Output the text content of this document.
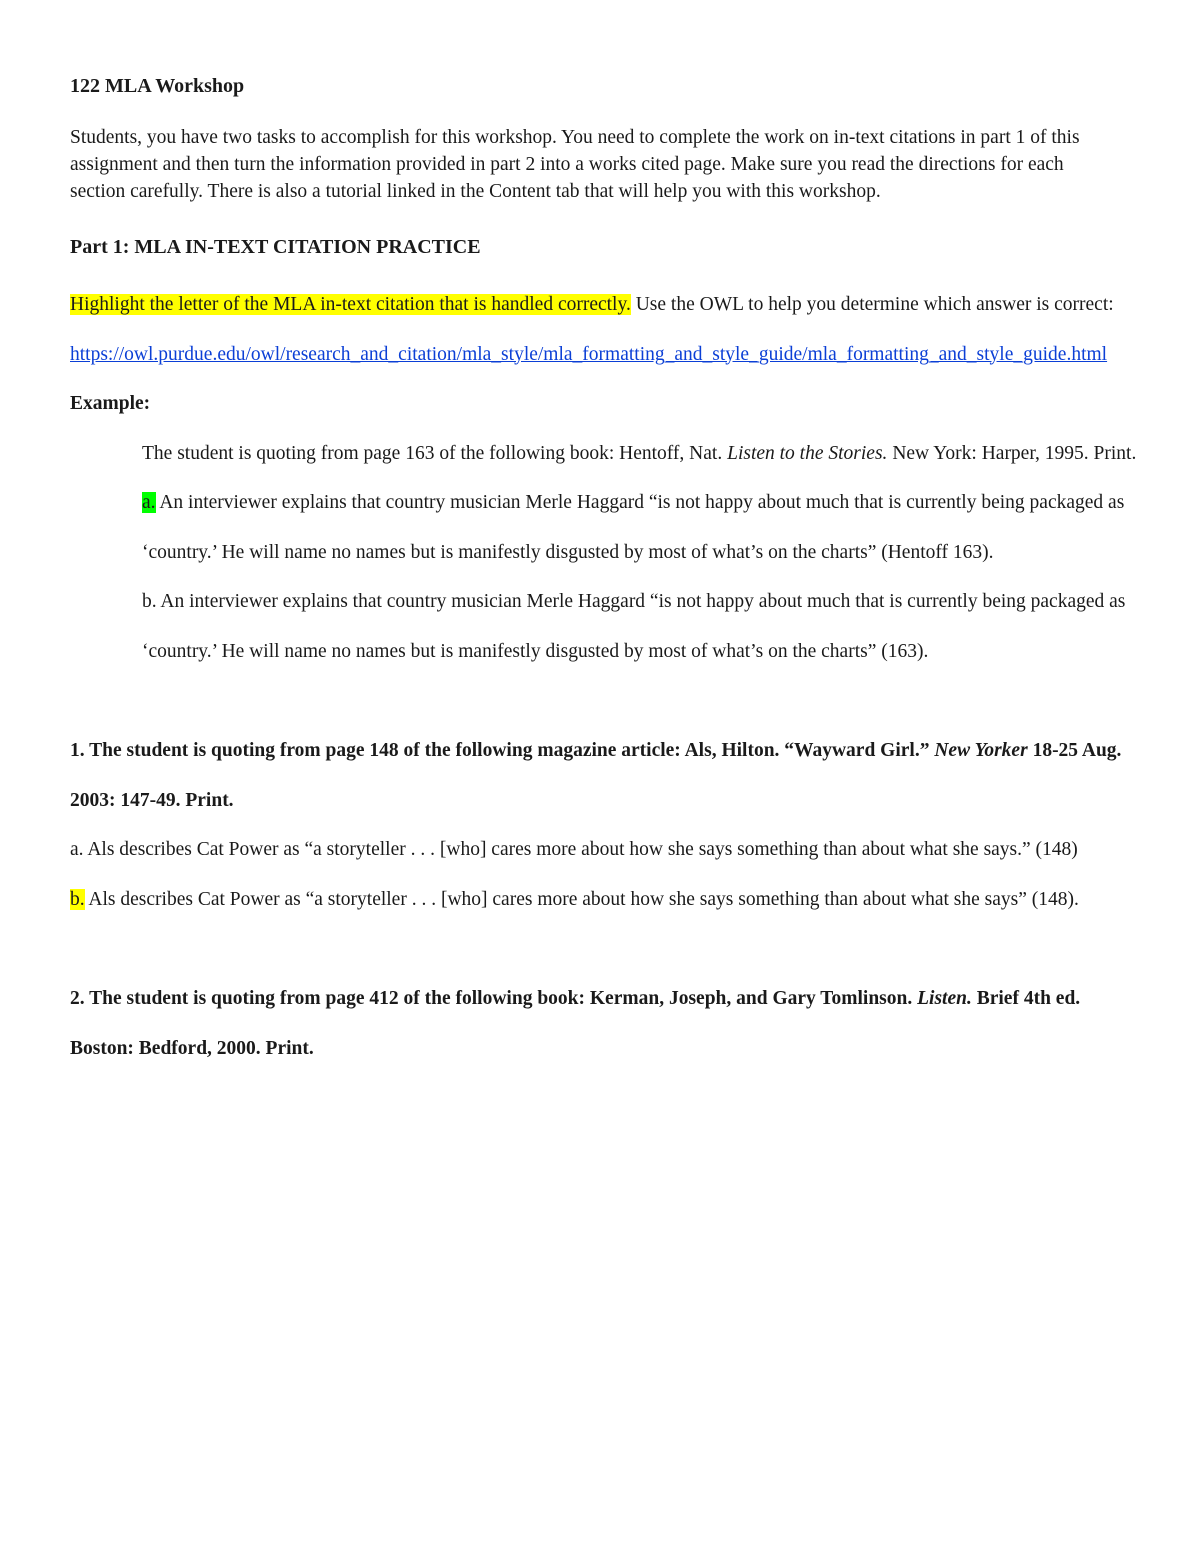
122 MLA Workshop

Students, you have two tasks to accomplish for this workshop. You need to complete the work on in-text citations in part 1 of this assignment and then turn the information provided in part 2 into a works cited page. Make sure you read the directions for each section carefully. There is also a tutorial linked in the Content tab that will help you with this workshop.

Part 1: MLA IN-TEXT CITATION PRACTICE

Highlight the letter of the MLA in-text citation that is handled correctly. Use the OWL to help you determine which answer is correct:

https://owl.purdue.edu/owl/research_and_citation/mla_style/mla_formatting_and_style_guide/mla_formatting_and_style_guide.html

Example:

The student is quoting from page 163 of the following book: Hentoff, Nat. Listen to the Stories. New York: Harper, 1995. Print.

a. An interviewer explains that country musician Merle Haggard “is not happy about much that is currently being packaged as ‘country.’ He will name no names but is manifestly disgusted by most of what’s on the charts” (Hentoff 163).

b. An interviewer explains that country musician Merle Haggard “is not happy about much that is currently being packaged as ‘country.’ He will name no names but is manifestly disgusted by most of what’s on the charts” (163).

1. The student is quoting from page 148 of the following magazine article: Als, Hilton. “Wayward Girl.” New Yorker 18-25 Aug. 2003: 147-49. Print.

a. Als describes Cat Power as “a storyteller . . . [who] cares more about how she says something than about what she says.” (148)

b. Als describes Cat Power as “a storyteller . . . [who] cares more about how she says something than about what she says” (148).

2. The student is quoting from page 412 of the following book: Kerman, Joseph, and Gary Tomlinson. Listen. Brief 4th ed. Boston: Bedford, 2000. Print.
